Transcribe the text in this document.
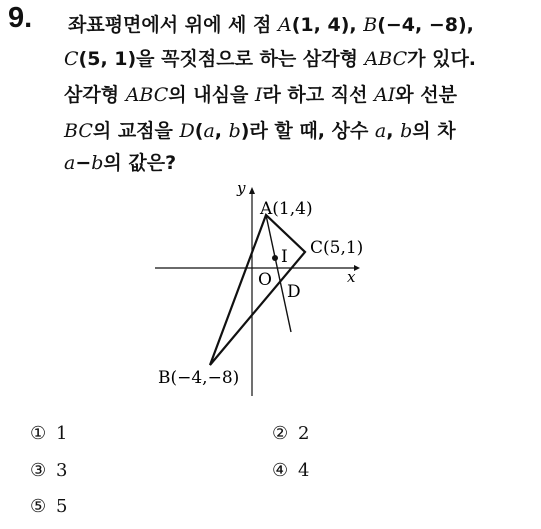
9. 좌표평면에서 위에 세 점 A(1, 4), B(−4, −8),
C(5, 1)을 꼭짓점으로 하는 삼각형 ABC가 있다.
삼각형 ABC의 내심을 I라 하고 직선 AI와 선분
BC의 교점을 D(a, b)라 할 때, 상수 a, b의 차
a−b의 값은?
A(1,4)
B(−4,−8)
C(5,1)
I
O
D
x
y
① 1	② 2
③ 3	④ 4
⑤ 5
